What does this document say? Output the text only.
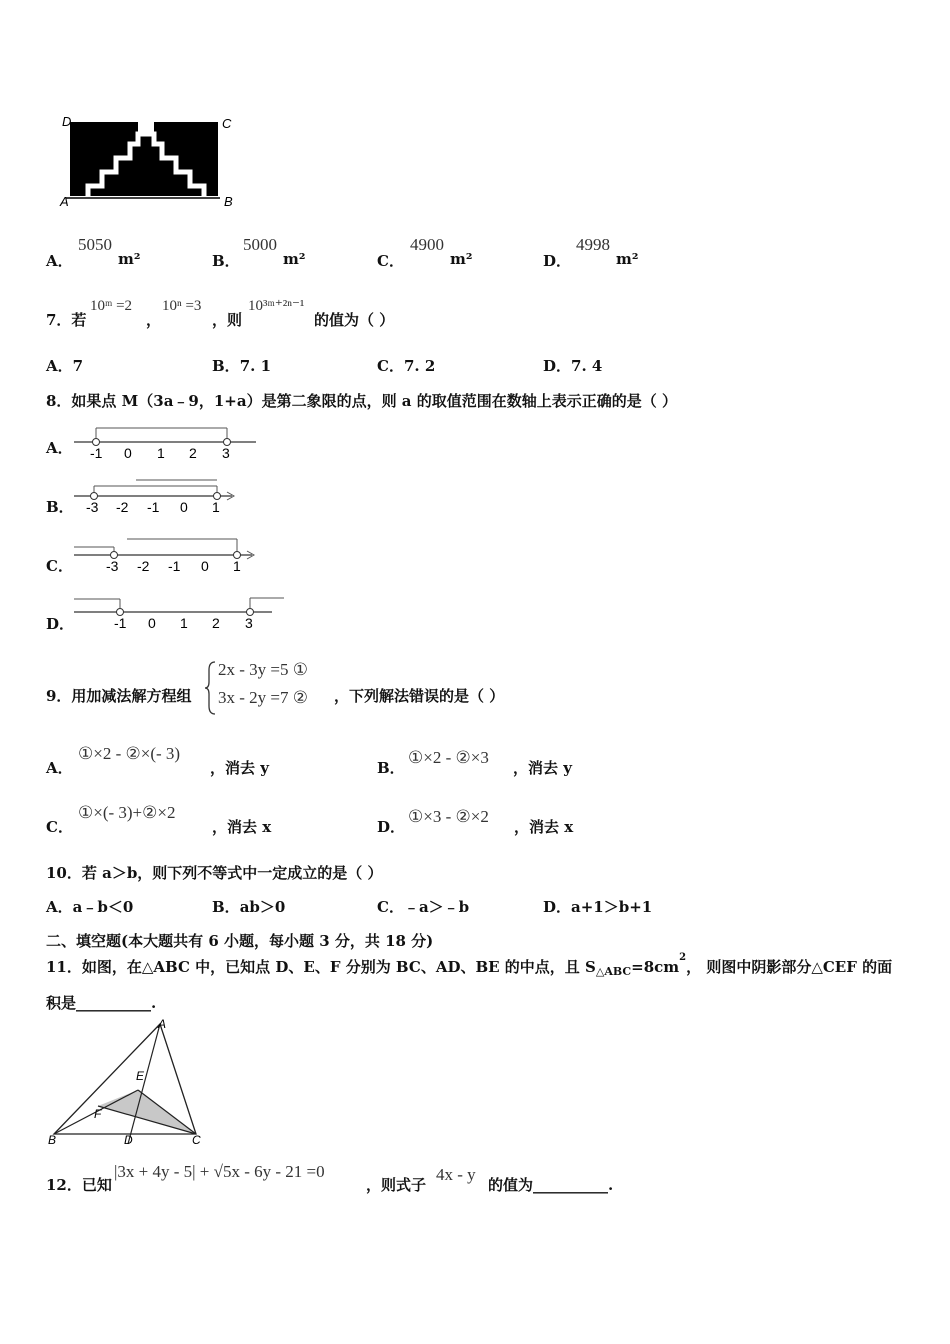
D	C
A	B
A．
5050
m²	B．
5000
m²	C．
4900
m²	D．
4998
m²
7．若
10ᵐ =2
，
10ⁿ =3
，则
10³ᵐ⁺²ⁿ⁻¹
的值为（ ）
A．7	B．7. 1	C．7. 2	D．7. 4
8．如果点 M（3a﹣9，1+a）是第二象限的点，则 a 的取值范围在数轴上表示正确的是（ ）
A． -1 0 1 2 3
B． -3 -2 -1 0 1
C． -3 -2 -1 0 1
D．	-1 0 1 2 3
9．用加减法解方程组
2x - 3y =5 ①
3x - 2y =7 ② ，下列解法错误的是（ ）
A．
①×2 - ②×(- 3)
，消去 y	B．
①×2 - ②×3
，消去 y
C．
①×(- 3)+②×2
，消去 x	D．
①×3 - ②×2
，消去 x
10．若 a＞b，则下列不等式中一定成立的是（ ）
A．a﹣b＜0	B．ab＞0	C．﹣a＞﹣b	D．a+1＞b+1
二、填空题(本大题共有 6 小题，每小题 3 分，共 18 分)
11．如图，在△ABC 中，已知点 D、E、F 分别为 BC、AD、BE 的中点，且 $S_{\triangle ABC}=8cm^2$， 则图中阴影部分△CEF 的面
积是__________.
A
B	C
D
E
F
12．已知
|3x + 4y - 5| + √5x - 6y - 21 =0
，则式子
4x - y
的值为__________.
